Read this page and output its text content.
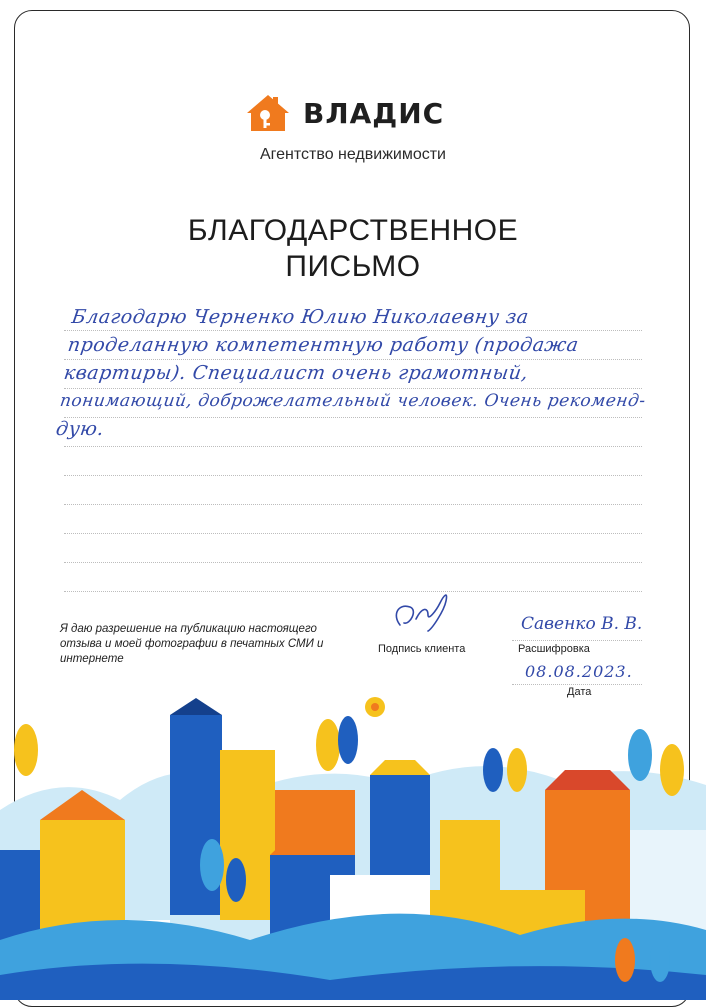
ВЛАДИС
Агентство недвижимости
БЛАГОДАРСТВЕННОЕ
ПИСЬМО
Благодарю Черненко Юлию Николаевну за
проделанную компетентную работу (продажа
квартиры). Специалист очень грамотный,
понимающий, доброжелательный человек. Очень рекоменд-
дую.
Я даю разрешение на публикацию настоящего отзыва и моей фотографии в печатных СМИ и интернете
Подпись клиента
Савенко В. В.
Расшифровка
08.08.2023.
Дата
